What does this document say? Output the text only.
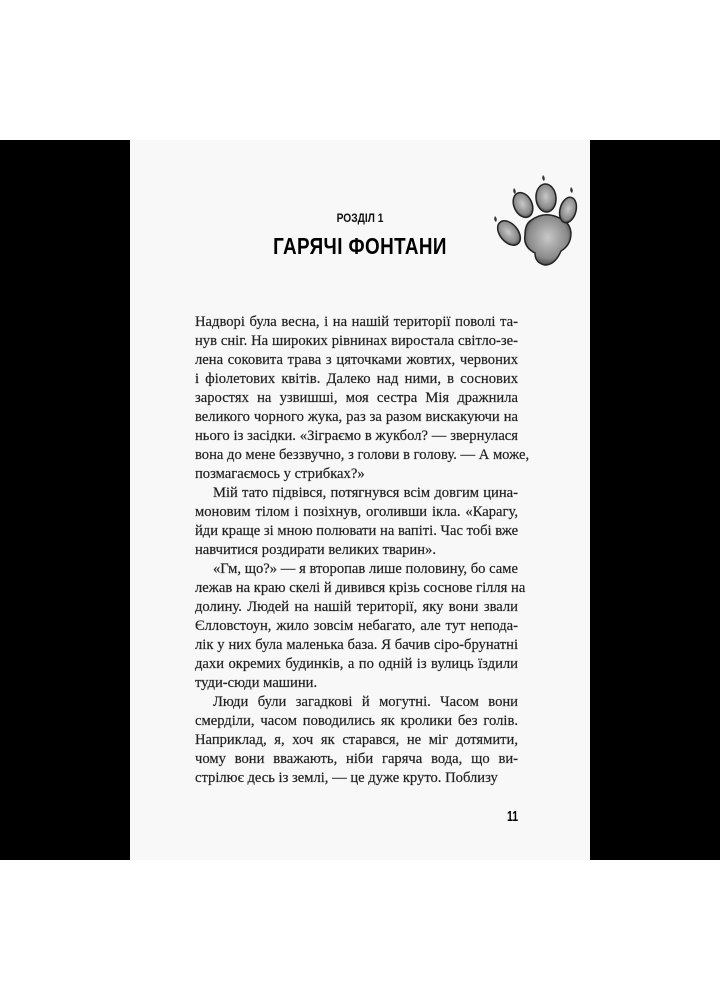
РОЗДІЛ 1
ГАРЯЧІ ФОНТАНИ
Надворі була весна, і на нашій території поволі та-
нув сніг. На широких рівнинах виростала світло-зе-
лена соковита трава з цяточками жовтих, червоних
і фіолетових квітів. Далеко над ними, в соснових
заростях на узвишші, моя сестра Мія дражнила
великого чорного жука, раз за разом вискакуючи на
нього із засідки. «Зіграємо в жукбол? — звернулася
вона до мене беззвучно, з голови в голову. — А може,
позмагаємось у стрибках?»
Мій тато підвівся, потягнувся всім довгим цина-
моновим тілом і позіхнув, оголивши ікла. «Карагу,
йди краще зі мною полювати на вапіті. Час тобі вже
навчитися роздирати великих тварин».
«Гм, що?» — я второпав лише половину, бо саме
лежав на краю скелі й дивився крізь соснове гілля на
долину. Людей на нашій території, яку вони звали
Єлловстоун, жило зовсім небагато, але тут непода-
лік у них була маленька база. Я бачив сіро-брунатні
дахи окремих будинків, а по одній із вулиць їздили
туди-сюди машини.
Люди були загадкові й могутні. Часом вони
смерділи, часом поводились як кролики без голів.
Наприклад, я, хоч як старався, не міг дотямити,
чому вони вважають, ніби гаряча вода, що ви-
стрілює десь із землі, — це дуже круто. Поблизу
11
